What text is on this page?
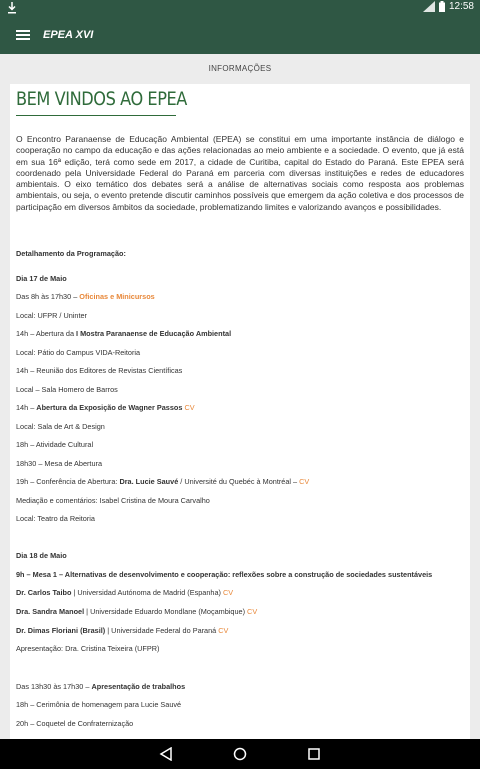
12:58
EPEA XVI
INFORMAÇÕES
BEM VINDOS AO EPEA
O Encontro Paranaense de Educação Ambiental (EPEA) se constitui em uma importante instância de diálogo e cooperação no campo da educação e das ações relacionadas ao meio ambiente e a sociedade. O evento, que já está em sua 16ª edição, terá como sede em 2017, a cidade de Curitiba, capital do Estado do Paraná. Este EPEA será coordenado pela Universidade Federal do Paraná em parceria com diversas instituições e redes de educadores ambientais. O eixo temático dos debates será a análise de alternativas sociais como resposta aos problemas ambientais, ou seja, o evento pretende discutir caminhos possíveis que emergem da ação coletiva e dos processos de participação em diversos âmbitos da sociedade, problematizando limites e valorizando avanços e possibilidades.
Detalhamento da Programação:
Dia 17 de Maio
Das 8h às 17h30 – Oficinas e Minicursos
Local: UFPR / Uninter
14h – Abertura da I Mostra Paranaense de Educação Ambiental
Local: Pátio do Campus VIDA-Reitoria
14h – Reunião dos Editores de Revistas Científicas
Local – Sala Homero de Barros
14h – Abertura da Exposição de Wagner Passos CV
Local: Sala de Art & Design
18h – Atividade Cultural
18h30 – Mesa de Abertura
19h – Conferência de Abertura: Dra. Lucie Sauvé / Université du Quebéc à Montréal – CV
Mediação e comentários: Isabel Cristina de Moura Carvalho
Local: Teatro da Reitoria
Dia 18 de Maio
9h – Mesa 1 – Alternativas de desenvolvimento e cooperação: reflexões sobre a construção de sociedades sustentáveis
Dr. Carlos Taibo | Universidad Autónoma de Madrid (Espanha) CV
Dra. Sandra Manoel | Universidade Eduardo Mondlane (Moçambique) CV
Dr. Dimas Floriani (Brasil) | Universidade Federal do Paraná CV
Apresentação: Dra. Cristina Teixeira (UFPR)
Das 13h30 às 17h30 – Apresentação de trabalhos
18h – Cerimônia de homenagem para Lucie Sauvé
20h – Coquetel de Confraternização
